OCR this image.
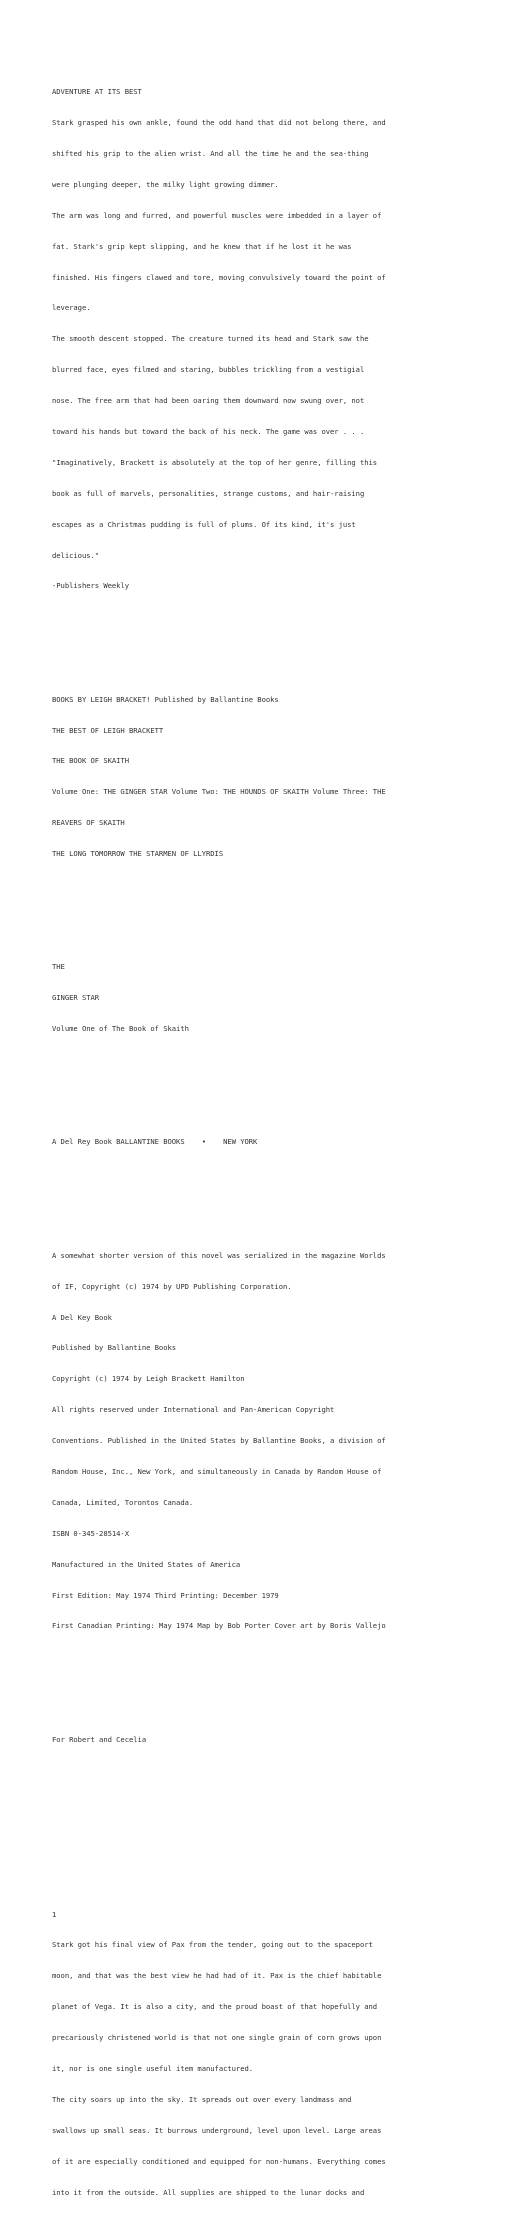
ADVENTURE AT ITS BEST

Stark grasped his own ankle, found the odd hand that did not belong there, and

shifted his grip to the alien wrist. And all the time he and the sea-thing

were plunging deeper, the milky light growing dimmer.

The arm was long and furred, and powerful muscles were imbedded in a layer of

fat. Stark's grip kept slipping, and he knew that if he lost it he was

finished. His fingers clawed and tore, moving convulsively toward the point of

leverage.

The smooth descent stopped. The creature turned its head and Stark saw the

blurred face, eyes filmed and staring, bubbles trickling from a vestigial

nose. The free arm that had been oaring them downward now swung over, not

toward his hands but toward the back of his neck. The game was over . . .

"Imaginatively, Brackett is absolutely at the top of her genre, filling this

book as full of marvels, personalities, strange customs, and hair-raising

escapes as a Christmas pudding is full of plums. Of its kind, it's just

delicious."

-Publishers Weekly

BOOKS BY LEIGH BRACKET! Published by Ballantine Books

THE BEST OF LEIGH BRACKETT

THE BOOK OF SKAITH

Volume One: THE GINGER STAR Volume Two: THE HOUNDS OF SKAITH Volume Three: THE

REAVERS OF SKAITH

THE LONG TOMORROW THE STARMEN OF LLYRDIS

THE

GINGER STAR

Volume One of The Book of Skaith

A Del Rey Book BALLANTINE BOOKS    •    NEW YORK

A somewhat shorter version of this novel was serialized in the magazine Worlds

of IF, Copyright (c) 1974 by UPD Publishing Corporation.

A Del Key Book

Published by Ballantine Books

Copyright (c) 1974 by Leigh Brackett Hamilton

All rights reserved under International and Pan-American Copyright

Conventions. Published in the United States by Ballantine Books, a division of

Random House, Inc., New York, and simultaneously in Canada by Random House of

Canada, Limited, Torontos Canada.

ISBN 0-345-28514-X

Manufactured in the United States of America

First Edition: May 1974 Third Printing: December 1979

First Canadian Printing: May 1974 Map by Bob Porter Cover art by Boris Vallejo

For Robert and Cecelia

1

Stark got his final view of Pax from the tender, going out to the spaceport

moon, and that was the best view he had had of it. Pax is the chief habitable

planet of Vega. It is also a city, and the proud boast of that hopefully and

precariously christened world is that not one single grain of corn grows upon

it, nor is one single useful item manufactured.

The city soars up into the sky. It spreads out over every landmass and

swallows up small seas. It burrows underground, level upon level. Large areas

of it are especially conditioned and equipped for non-humans. Everything comes

into it from the outside. All supplies are shipped to the lunar docks and
